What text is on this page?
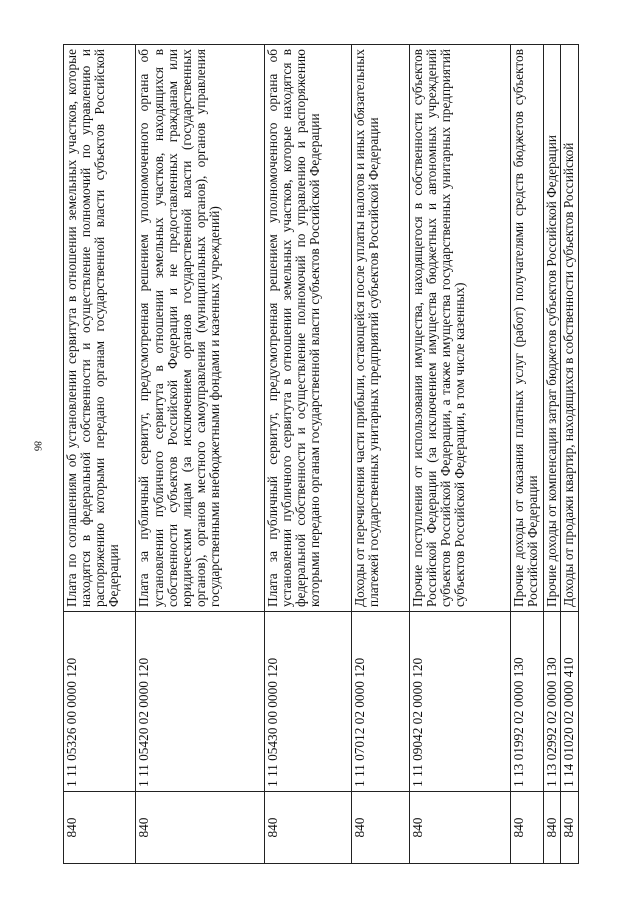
86
840	1 11 05326 00 0000 120	Плата по соглашениям об установлении сервитута в отношении земельных участков, которые находятся в федеральной собственности и осуществление полномочий по управлению и распоряжению которыми передано органам государственной власти субъектов Российской Федерации
840	1 11 05420 02 0000 120	Плата за публичный сервитут, предусмотренная решением уполномоченного органа об установлении публичного сервитута в отношении земельных участков, находящихся в собственности субъектов Российской Федерации и не предоставленных гражданам или юридическим лицам (за исключением органов государственной власти (государственных органов), органов местного самоуправления (муниципальных органов), органов управления государственными внебюджетными фондами и казенных учреждений)
840	1 11 05430 00 0000 120	Плата за публичный сервитут, предусмотренная решением уполномоченного органа об установлении публичного сервитута в отношении земельных участков, которые находятся в федеральной собственности и осуществление полномочий по управлению и распоряжению которыми передано органам государственной власти субъектов Российской Федерации
840	1 11 07012 02 0000 120	Доходы от перечисления части прибыли, остающейся после уплаты налогов и иных обязательных платежей государственных унитарных предприятий субъектов Российской Федерации
840	1 11 09042 02 0000 120	Прочие поступления от использования имущества, находящегося в собственности субъектов Российской Федерации (за исключением имущества бюджетных и автономных учреждений субъектов Российской Федерации, а также имущества государственных унитарных предприятий субъектов Российской Федерации, в том числе казенных)
840	1 13 01992 02 0000 130	Прочие доходы от оказания платных услуг (работ) получателями средств бюджетов субъектов Российской Федерации
840	1 13 02992 02 0000 130	Прочие доходы от компенсации затрат бюджетов субъектов Российской Федерации
840	1 14 01020 02 0000 410	Доходы от продажи квартир, находящихся в собственности субъектов Российской
